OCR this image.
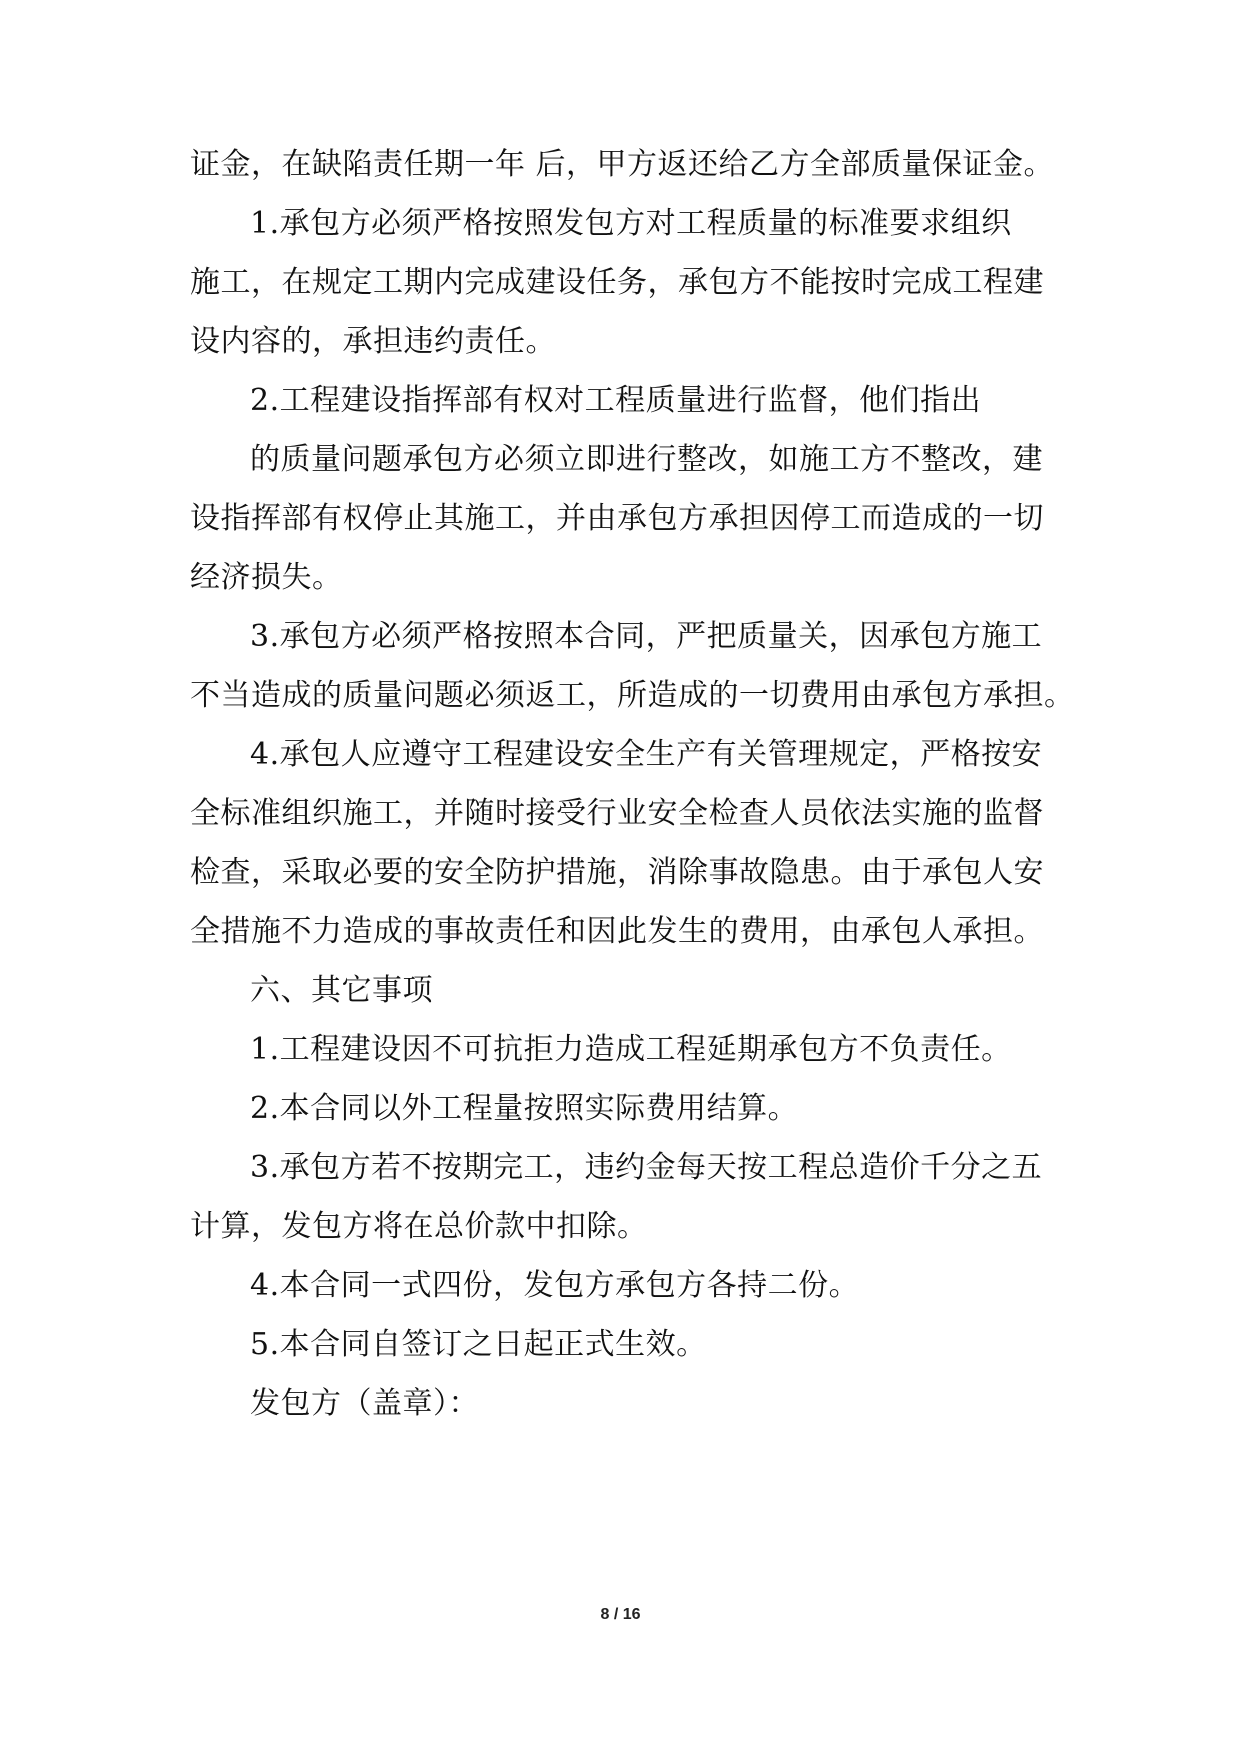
证金，在缺陷责任期一年 后，甲方返还给乙方全部质量保证金。
1.承包方必须严格按照发包方对工程质量的标准要求组织
施工，在规定工期内完成建设任务，承包方不能按时完成工程建
设内容的，承担违约责任。
2.工程建设指挥部有权对工程质量进行监督，他们指出
的质量问题承包方必须立即进行整改，如施工方不整改，建
设指挥部有权停止其施工，并由承包方承担因停工而造成的一切
经济损失。
3.承包方必须严格按照本合同，严把质量关，因承包方施工
不当造成的质量问题必须返工，所造成的一切费用由承包方承担。
4.承包人应遵守工程建设安全生产有关管理规定，严格按安
全标准组织施工，并随时接受行业安全检查人员依法实施的监督
检查，采取必要的安全防护措施，消除事故隐患。由于承包人安
全措施不力造成的事故责任和因此发生的费用，由承包人承担。
六、其它事项
1.工程建设因不可抗拒力造成工程延期承包方不负责任。
2.本合同以外工程量按照实际费用结算。
3.承包方若不按期完工，违约金每天按工程总造价千分之五
计算，发包方将在总价款中扣除。
4.本合同一式四份，发包方承包方各持二份。
5.本合同自签订之日起正式生效。
发包方（盖章）：
8 / 16
